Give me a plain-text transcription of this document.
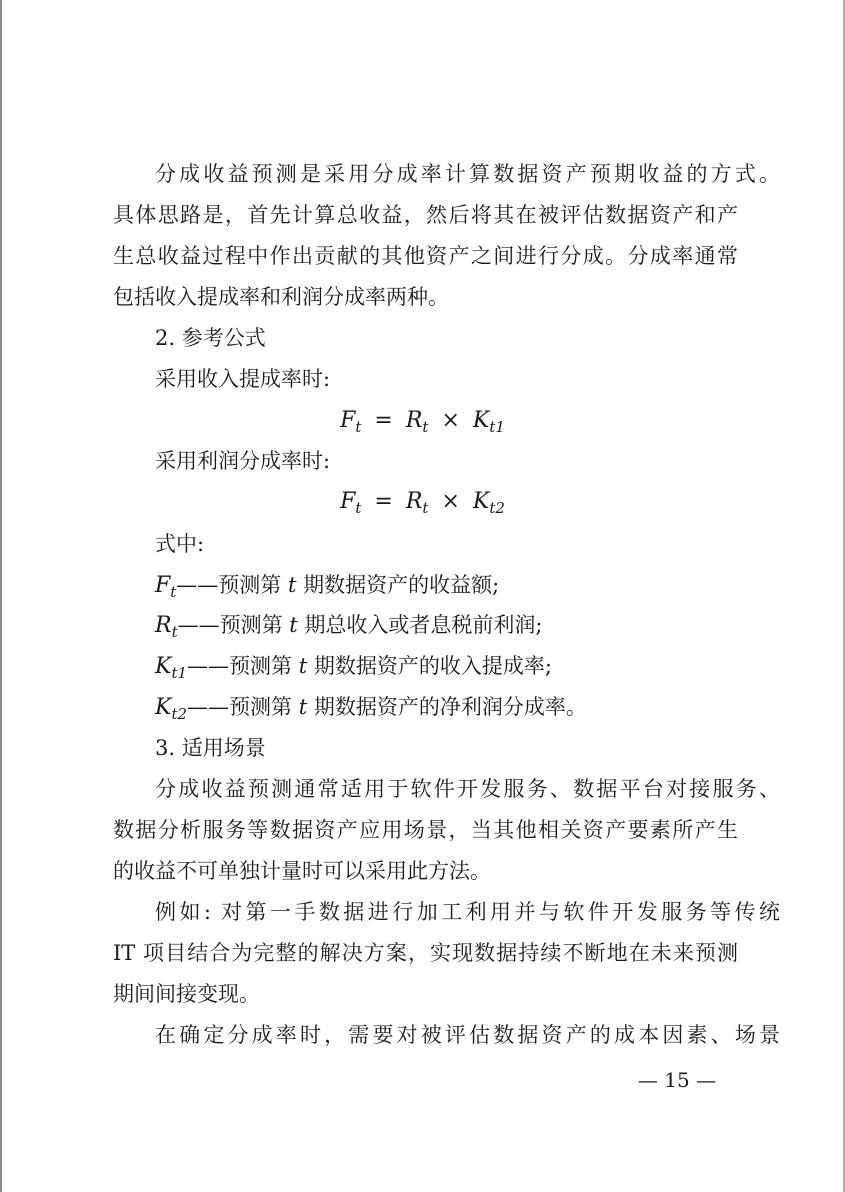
分成收益预测是采用分成率计算数据资产预期收益的方式。
具体思路是，首先计算总收益，然后将其在被评估数据资产和产
生总收益过程中作出贡献的其他资产之间进行分成。分成率通常
包括收入提成率和利润分成率两种。
2. 参考公式
采用收入提成率时:
$F_t = R_t \times K_{t1}$
采用利润分成率时:
$F_t = R_t \times K_{t2}$
式中:
$F_t——$预测第 t 期数据资产的收益额;
$R_t——$预测第 t 期总收入或者息税前利润;
$K_{t1}——$预测第 t 期数据资产的收入提成率;
$K_{t2}——$预测第 t 期数据资产的净利润分成率。
3. 适用场景
分成收益预测通常适用于软件开发服务、数据平台对接服务、
数据分析服务等数据资产应用场景，当其他相关资产要素所产生
的收益不可单独计量时可以采用此方法。
例如: 对第一手数据进行加工利用并与软件开发服务等传统
IT 项目结合为完整的解决方案，实现数据持续不断地在未来预测
期间间接变现。
在确定分成率时，需要对被评估数据资产的成本因素、场景
— 15 —
